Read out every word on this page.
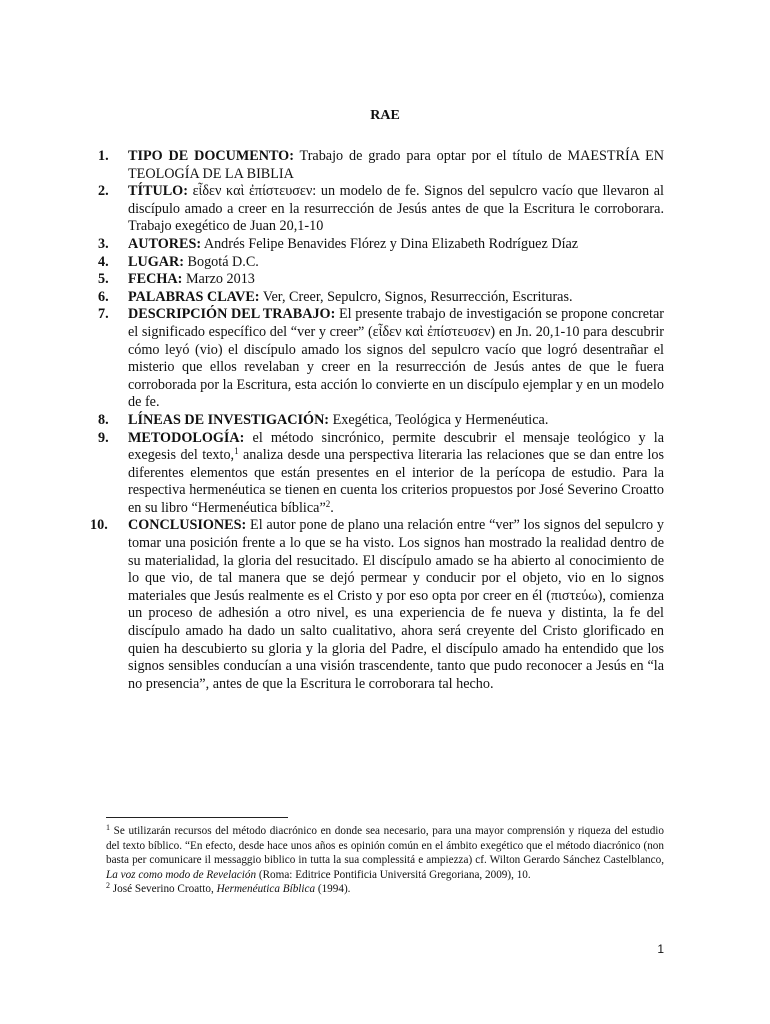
RAE
1.	TIPO DE DOCUMENTO: Trabajo de grado para optar por el título de MAESTRÍA EN TEOLOGÍA DE LA BIBLIA
2.	TÍTULO: εἶδεν καὶ ἐπίστευσεν: un modelo de fe. Signos del sepulcro vacío que llevaron al discípulo amado a creer en la resurrección de Jesús antes de que la Escritura le corroborara. Trabajo exegético de Juan 20,1-10
3.	AUTORES: Andrés Felipe Benavides Flórez y Dina Elizabeth Rodríguez Díaz
4.	LUGAR: Bogotá D.C.
5.	FECHA: Marzo 2013
6.	PALABRAS CLAVE: Ver, Creer, Sepulcro, Signos, Resurrección, Escrituras.
7.	DESCRIPCIÓN DEL TRABAJO: El presente trabajo de investigación se propone concretar el significado específico del “ver y creer” (εἶδεν καὶ ἐπίστευσεν) en Jn. 20,1-10 para descubrir cómo leyó (vio) el discípulo amado los signos del sepulcro vacío que logró desentrañar el misterio que ellos revelaban y creer en la resurrección de Jesús antes de que le fuera corroborada por la Escritura, esta acción lo convierte en un discípulo ejemplar y en un modelo de fe.
8.	LÍNEAS DE INVESTIGACIÓN: Exegética, Teológica y Hermenéutica.
9.	METODOLOGÍA: el método sincrónico, permite descubrir el mensaje teológico y la exegesis del texto,$^1$ analiza desde una perspectiva literaria las relaciones que se dan entre los diferentes elementos que están presentes en el interior de la perícopa de estudio. Para la respectiva hermenéutica se tienen en cuenta los criterios propuestos por José Severino Croatto en su libro “Hermenéutica bíblica”$^2$.
10.	CONCLUSIONES: El autor pone de plano una relación entre “ver” los signos del sepulcro y tomar una posición frente a lo que se ha visto. Los signos han mostrado la realidad dentro de su materialidad, la gloria del resucitado. El discípulo amado se ha abierto al conocimiento de lo que vio, de tal manera que se dejó permear y conducir por el objeto, vio en lo signos materiales que Jesús realmente es el Cristo y por eso opta por creer en él (πιστεύω), comienza un proceso de adhesión a otro nivel, es una experiencia de fe nueva y distinta, la fe del discípulo amado ha dado un salto cualitativo, ahora será creyente del Cristo glorificado en quien ha descubierto su gloria y la gloria del Padre, el discípulo amado ha entendido que los signos sensibles conducían a una visión trascendente, tanto que pudo reconocer a Jesús en “la no presencia”, antes de que la Escritura le corroborara tal hecho.
$^1$ Se utilizarán recursos del método diacrónico en donde sea necesario, para una mayor comprensión y riqueza del estudio del texto bíblico. “En efecto, desde hace unos años es opinión común en el ámbito exegético que el método diacrónico (non basta per comunicare il messaggio biblico in tutta la sua complessitá e ampiezza) cf. Wilton Gerardo Sánchez Castelblanco, La voz como modo de Revelación (Roma: Editrice Pontificia Universitá Gregoriana, 2009), 10.
$^2$ José Severino Croatto, Hermenéutica Bíblica (1994).
1
